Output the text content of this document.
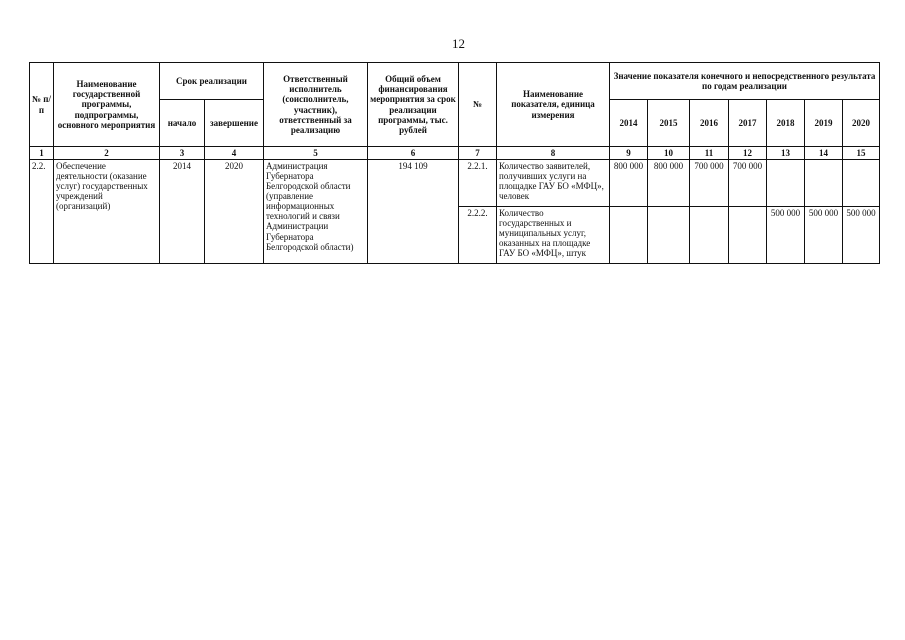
12
№ п/п	Наименование государственной программы, подпрограммы, основного мероприятия	Срок реализации		Ответственный исполнитель (соисполнитель, участник), ответственный за реализацию	Общий объем финансирования мероприятия за срок реализации программы, тыс. рублей	№	Наименование показателя, единица измерения	Значение показателя конечного и непосредственного результата по годам реализации						
		начало	завершение					2014	2015	2016	2017	2018	2019	2020
1	2	3	4	5	6	7	8	9	10	11	12	13	14	15
2.2.	Обеспечение деятельности (оказание услуг) государственных учреждений (организаций)	2014	2020	Администрация Губернатора Белгородской области (управление информационных технологий и связи Администрации Губернатора Белгородской области)	194 109	2.2.1.	Количество заявителей, получивших услуги на площадке ГАУ БО «МФЦ», человек	800 000	800 000	700 000	700 000			
						2.2.2.	Количество государственных и муниципальных услуг, оказанных на площадке ГАУ БО «МФЦ», штук					500 000	500 000	500 000
